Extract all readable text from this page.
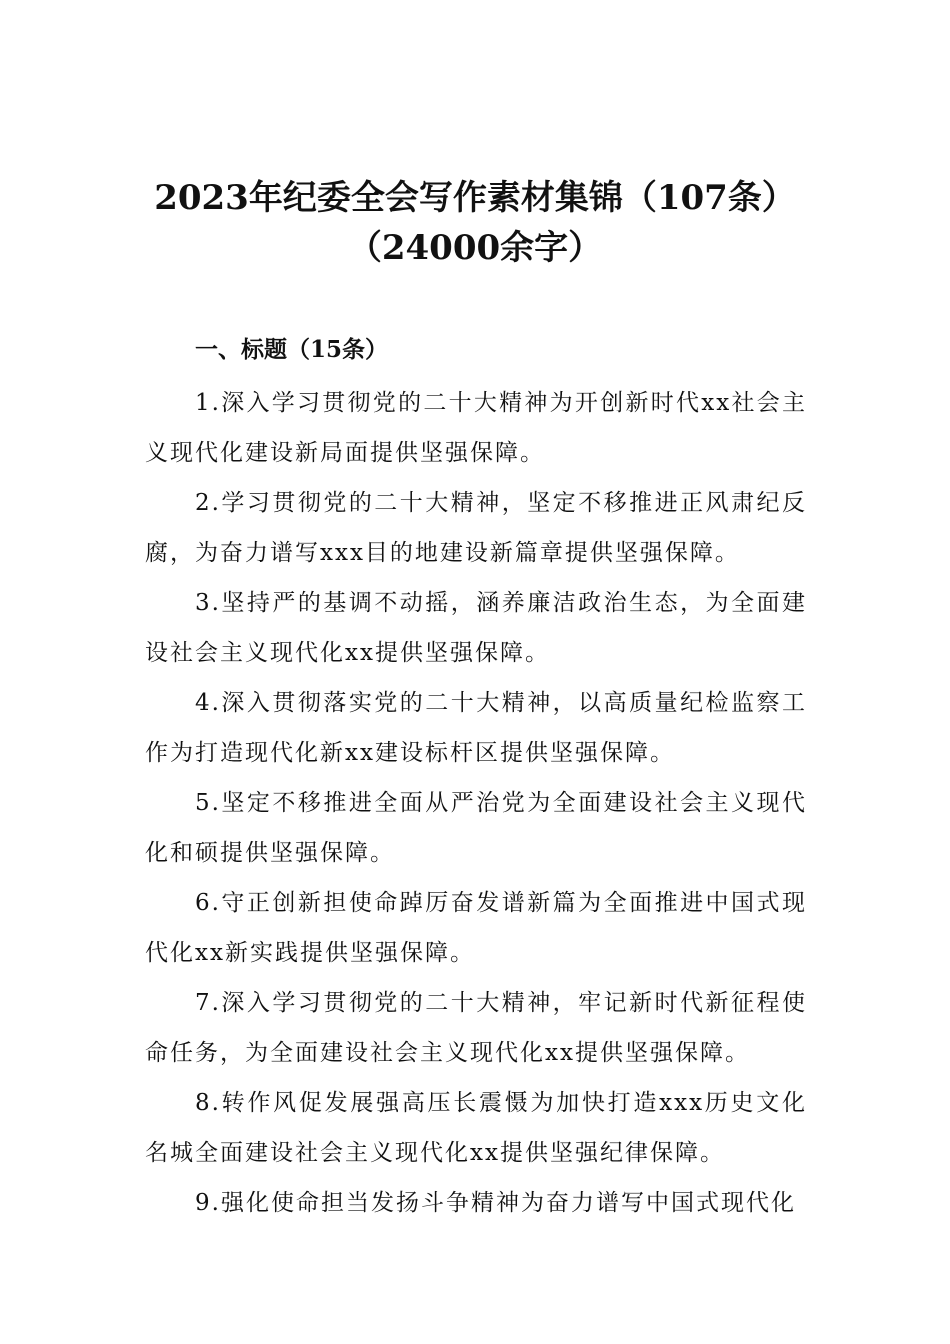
2023年纪委全会写作素材集锦（107条）
（24000余字）
一、标题（15条）

1.深入学习贯彻党的二十大精神为开创新时代xx社会主义现代化建设新局面提供坚强保障。

2.学习贯彻党的二十大精神，坚定不移推进正风肃纪反腐，为奋力谱写xxx目的地建设新篇章提供坚强保障。

3.坚持严的基调不动摇，涵养廉洁政治生态，为全面建设社会主义现代化xx提供坚强保障。

4.深入贯彻落实党的二十大精神，以高质量纪检监察工作为打造现代化新xx建设标杆区提供坚强保障。

5.坚定不移推进全面从严治党为全面建设社会主义现代化和硕提供坚强保障。

6.守正创新担使命踔厉奋发谱新篇为全面推进中国式现代化xx新实践提供坚强保障。

7.深入学习贯彻党的二十大精神，牢记新时代新征程使命任务，为全面建设社会主义现代化xx提供坚强保障。

8.转作风促发展强高压长震慑为加快打造xxx历史文化名城全面建设社会主义现代化xx提供坚强纪律保障。

9.强化使命担当发扬斗争精神为奋力谱写中国式现代化
